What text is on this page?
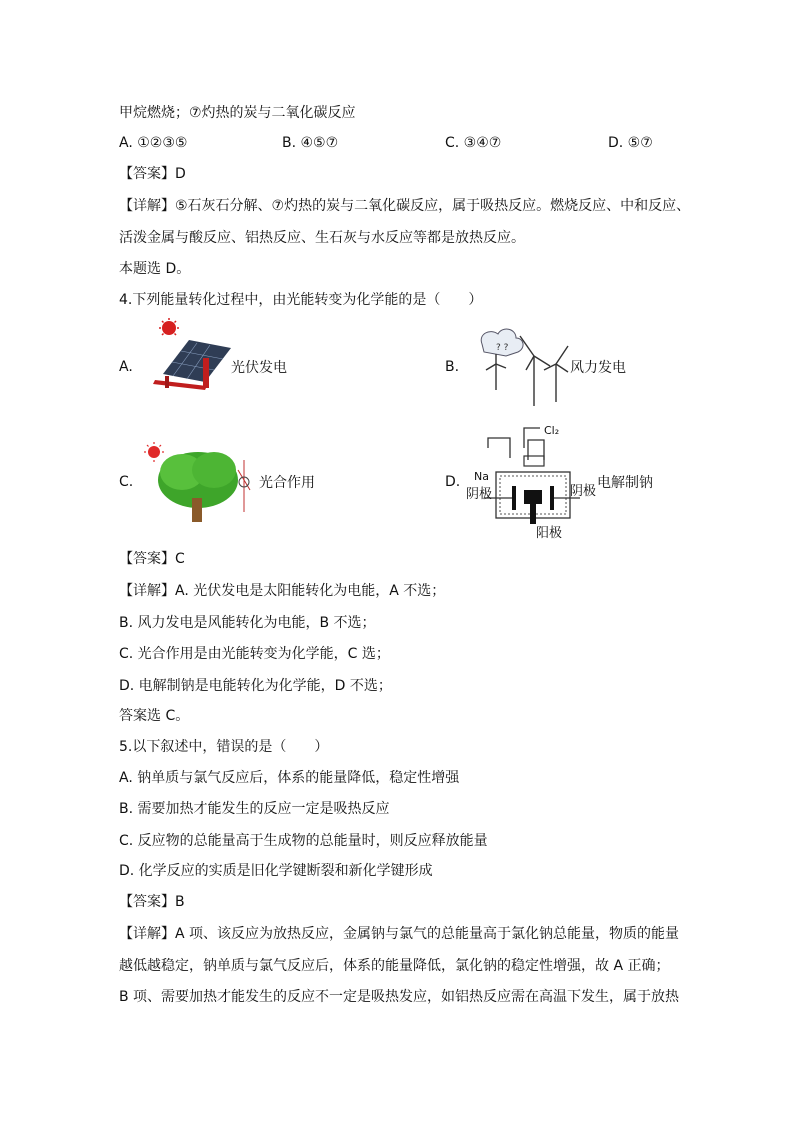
甲烷燃烧；⑦灼热的炭与二氧化碳反应
A. ①②③⑤	B. ④⑤⑦	C. ③④⑦	D. ⑤⑦
【答案】D
【详解】⑤石灰石分解、⑦灼热的炭与二氧化碳反应，属于吸热反应。燃烧反应、中和反应、
活泼金属与酸反应、铝热反应、生石灰与水反应等都是放热反应。
本题选 D。
4.下列能量转化过程中，由光能转变为化学能的是（　　）
A.	光伏发电	B.
? ?
风力发电
C.	光合作用	D.
Cl₂
Na
阴极	阴极
阳极
电解制钠
【答案】C
【详解】A. 光伏发电是太阳能转化为电能，A 不选；
B. 风力发电是风能转化为电能，B 不选；
C. 光合作用是由光能转变为化学能，C 选；
D. 电解制钠是电能转化为化学能，D 不选；
答案选 C。
5.以下叙述中，错误的是（　　）
A. 钠单质与氯气反应后，体系的能量降低，稳定性增强
B. 需要加热才能发生的反应一定是吸热反应
C. 反应物的总能量高于生成物的总能量时，则反应释放能量
D. 化学反应的实质是旧化学键断裂和新化学键形成
【答案】B
【详解】A 项、该反应为放热反应，金属钠与氯气的总能量高于氯化钠总能量，物质的能量
越低越稳定，钠单质与氯气反应后，体系的能量降低，氯化钠的稳定性增强，故 A 正确；
B 项、需要加热才能发生的反应不一定是吸热发应，如铝热反应需在高温下发生，属于放热
